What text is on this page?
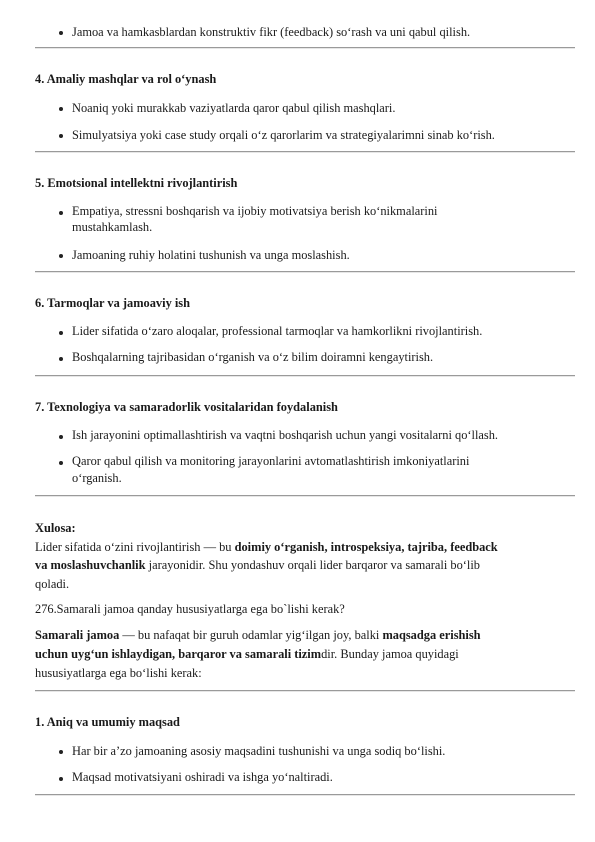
Jamoa va hamkasblardan konstruktiv fikr (feedback) so‘rash va uni qabul qilish.
4. Amaliy mashqlar va rol o‘ynash
Noaniq yoki murakkab vaziyatlarda qaror qabul qilish mashqlari.
Simulyatsiya yoki case study orqali o‘z qarorlarim va strategiyalarimni sinab ko‘rish.
5. Emotsional intellektni rivojlantirish
Empatiya, stressni boshqarish va ijobiy motivatsiya berish ko‘nikmalarini
mustahkamlash.
Jamoaning ruhiy holatini tushunish va unga moslashish.
6. Tarmoqlar va jamoaviy ish
Lider sifatida o‘zaro aloqalar, professional tarmoqlar va hamkorlikni rivojlantirish.
Boshqalarning tajribasidan o‘rganish va o‘z bilim doiramni kengaytirish.
7. Texnologiya va samaradorlik vositalaridan foydalanish
Ish jarayonini optimallashtirish va vaqtni boshqarish uchun yangi vositalarni qo‘llash.
Qaror qabul qilish va monitoring jarayonlarini avtomatlashtirish imkoniyatlarini
o‘rganish.
Xulosa:
Lider sifatida o‘zini rivojlantirish — bu doimiy o‘rganish, introspeksiya, tajriba, feedback
va moslashuvchanlik jarayonidir. Shu yondashuv orqali lider barqaror va samarali bo‘lib
qoladi.
276.Samarali jamoa qanday hususiyatlarga ega bo`lishi kerak?
Samarali jamoa — bu nafaqat bir guruh odamlar yig‘ilgan joy, balki maqsadga erishish
uchun uyg‘un ishlaydigan, barqaror va samarali tizimdir. Bunday jamoa quyidagi
hususiyatlarga ega bo‘lishi kerak:
1. Aniq va umumiy maqsad
Har bir a’zo jamoaning asosiy maqsadini tushunishi va unga sodiq bo‘lishi.
Maqsad motivatsiyani oshiradi va ishga yo‘naltiradi.
